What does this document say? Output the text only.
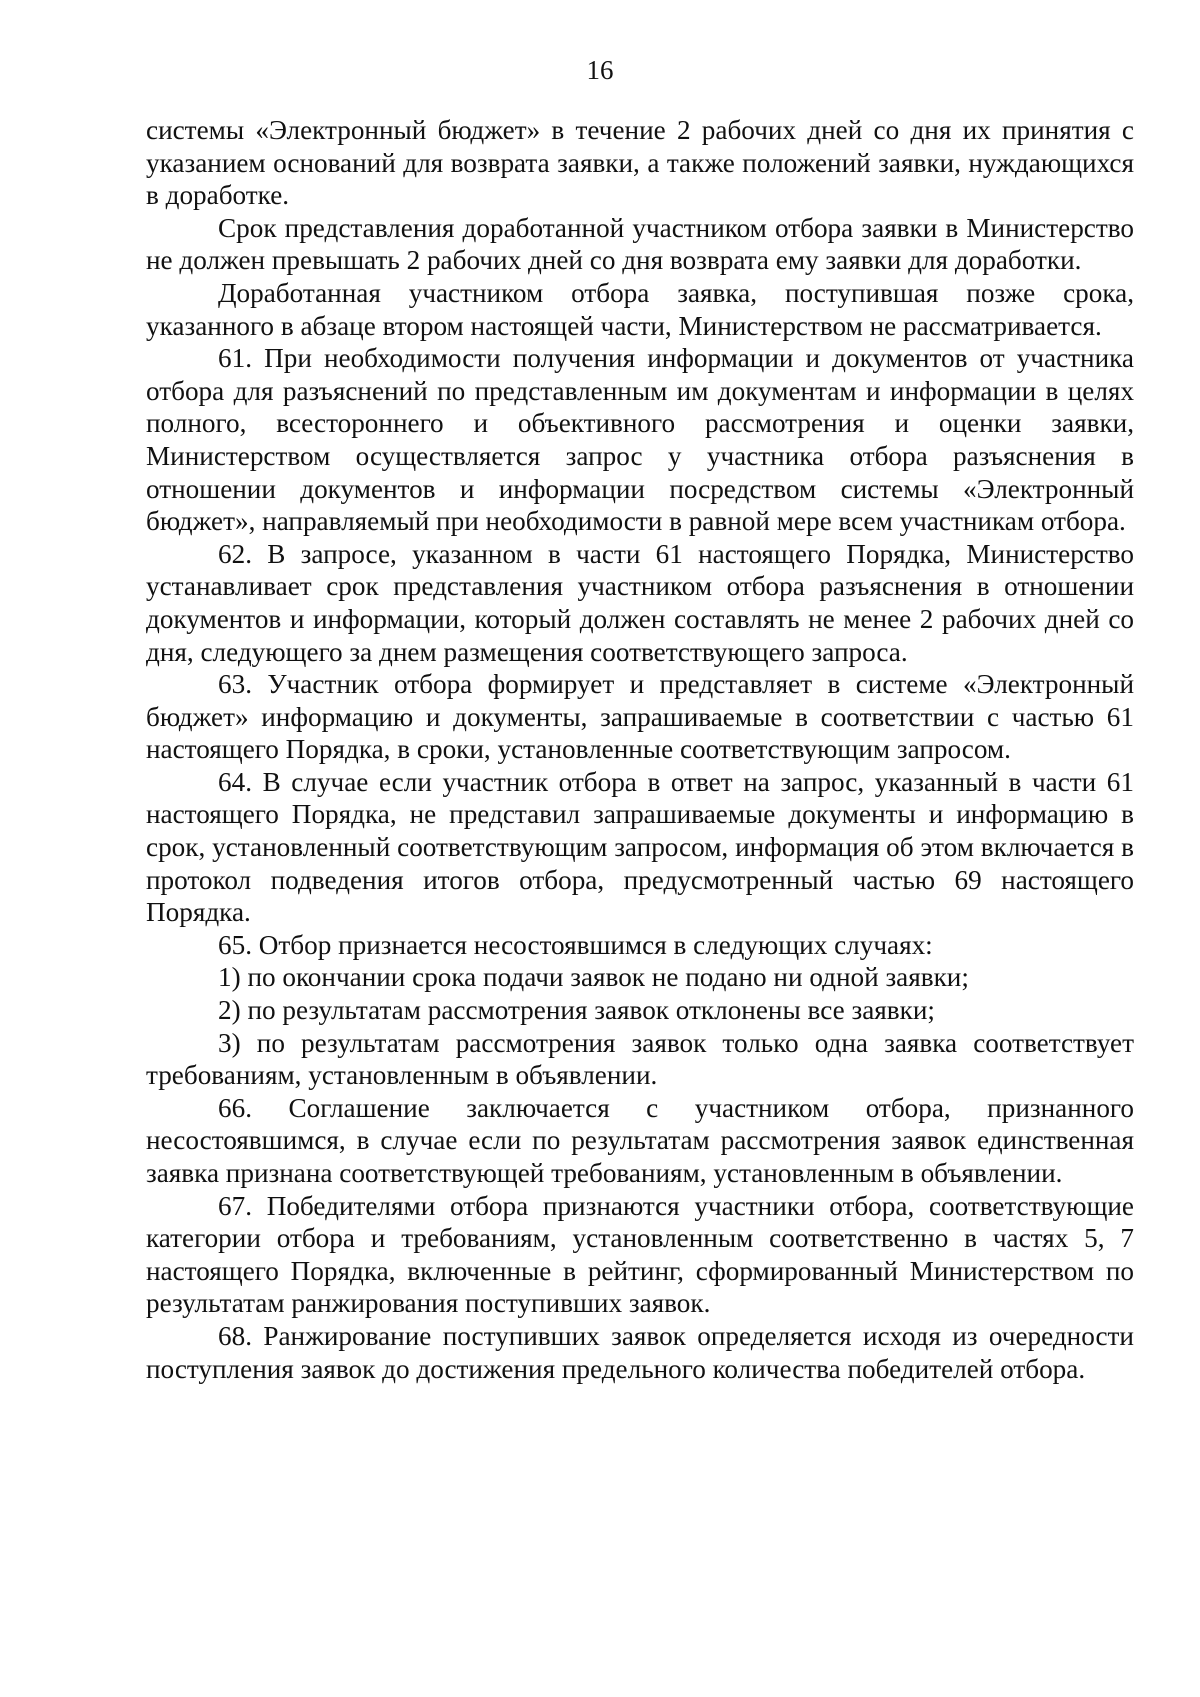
16

системы «Электронный бюджет» в течение 2 рабочих дней со дня их принятия с указанием оснований для возврата заявки, а также положений заявки, нуждающихся в доработке.

Срок представления доработанной участником отбора заявки в Министерство не должен превышать 2 рабочих дней со дня возврата ему заявки для доработки.

Доработанная участником отбора заявка, поступившая позже срока, указанного в абзаце втором настоящей части, Министерством не рассматривается.

61. При необходимости получения информации и документов от участника отбора для разъяснений по представленным им документам и информации в целях полного, всестороннего и объективного рассмотрения и оценки заявки, Министерством осуществляется запрос у участника отбора разъяснения в отношении документов и информации посредством системы «Электронный бюджет», направляемый при необходимости в равной мере всем участникам отбора.

62. В запросе, указанном в части 61 настоящего Порядка, Министерство устанавливает срок представления участником отбора разъяснения в отношении документов и информации, который должен составлять не менее 2 рабочих дней со дня, следующего за днем размещения соответствующего запроса.

63. Участник отбора формирует и представляет в системе «Электронный бюджет» информацию и документы, запрашиваемые в соответствии с частью 61 настоящего Порядка, в сроки, установленные соответствующим запросом.

64. В случае если участник отбора в ответ на запрос, указанный в части 61 настоящего Порядка, не представил запрашиваемые документы и информацию в срок, установленный соответствующим запросом, информация об этом включается в протокол подведения итогов отбора, предусмотренный частью 69 настоящего Порядка.

65. Отбор признается несостоявшимся в следующих случаях:

1) по окончании срока подачи заявок не подано ни одной заявки;

2) по результатам рассмотрения заявок отклонены все заявки;

3) по результатам рассмотрения заявок только одна заявка соответствует требованиям, установленным в объявлении.

66. Соглашение заключается с участником отбора, признанного несостоявшимся, в случае если по результатам рассмотрения заявок единственная заявка признана соответствующей требованиям, установленным в объявлении.

67. Победителями отбора признаются участники отбора, соответствующие категории отбора и требованиям, установленным соответственно в частях 5, 7 настоящего Порядка, включенные в рейтинг, сформированный Министерством по результатам ранжирования поступивших заявок.

68. Ранжирование поступивших заявок определяется исходя из очередности поступления заявок до достижения предельного количества победителей отбора.
